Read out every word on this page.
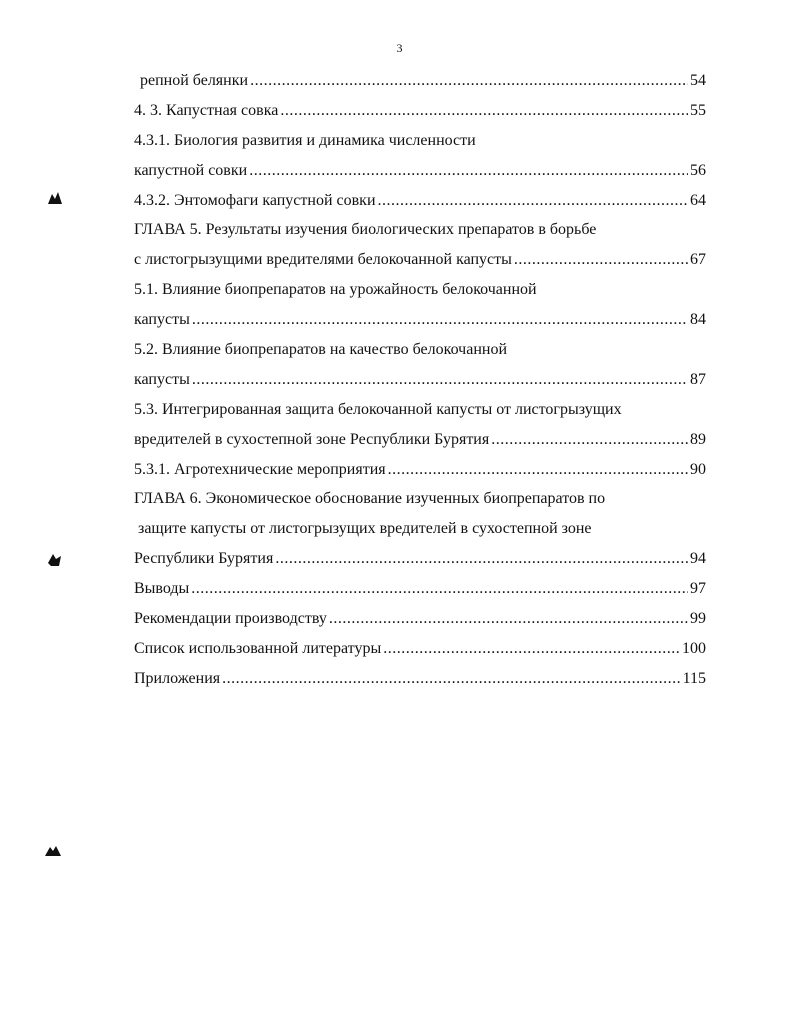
3
репной белянки .....	54
4. 3. Капустная совка .....	55
4.3.1. Биология развития и динамика численности
капустной совки .....	56
4.3.2. Энтомофаги капустной совки .....	64
ГЛАВА 5. Результаты изучения биологических препаратов в борьбе
с листогрызущими вредителями белокочанной капусты .....	67
5.1. Влияние биопрепаратов на урожайность белокочанной
капусты .....	84
5.2. Влияние биопрепаратов на качество белокочанной
капусты .....	87
5.3. Интегрированная защита белокочанной капусты от листогрызущих
вредителей в сухостепной зоне Республики Бурятия .....	89
5.3.1. Агротехнические мероприятия .....	90
ГЛАВА 6. Экономическое обоснование изученных биопрепаратов по
защите капусты от листогрызущих вредителей в сухостепной зоне
Республики Бурятия .....	94
Выводы .....	97
Рекомендации производству .....	99
Список использованной литературы .....	100
Приложения .....	115
